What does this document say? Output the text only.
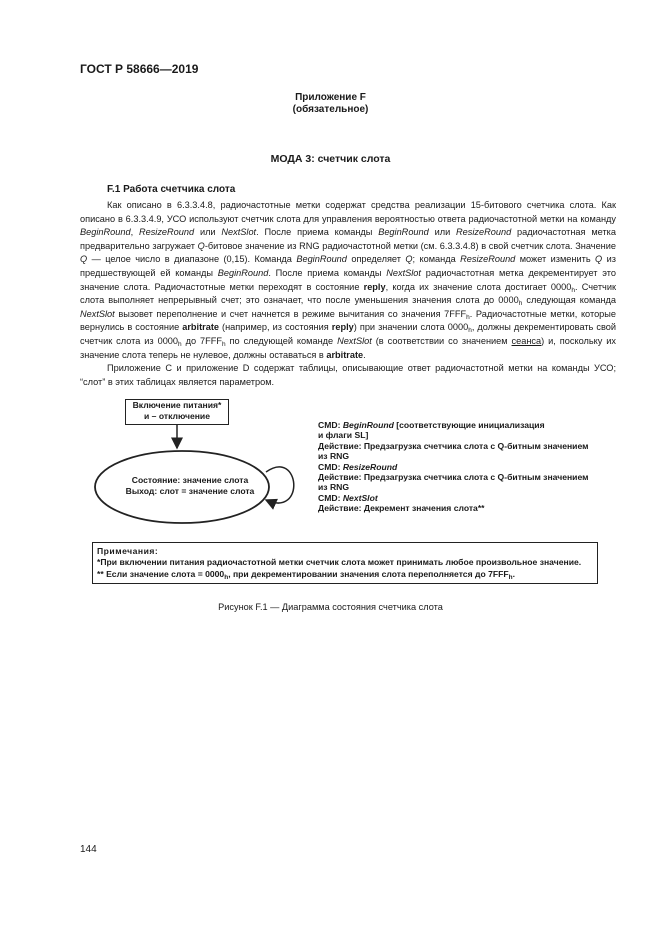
ГОСТ Р 58666—2019
Приложение F
(обязательное)
МОДА 3: счетчик слота
F.1 Работа счетчика слота
Как описано в 6.3.3.4.8, радиочастотные метки содержат средства реализации 15-битового счетчика слота. Как описано в 6.3.3.4.9, УСО используют счетчик слота для управления вероятностью ответа радиочастотной метки на команду BeginRound, ResizeRound или NextSlot. После приема команды BeginRound или ResizeRound радиочастотная метка предварительно загружает Q-битовое значение из RNG радиочастотной метки (см. 6.3.3.4.8) в свой счетчик слота. Значение Q — целое число в диапазоне (0,15). Команда BeginRound определяет Q; команда ResizeRound может изменить Q из предшествующей ей команды BeginRound. После приема команды NextSlot радиочастотная метка декрементирует это значение слота. Радиочастотные метки переходят в состояние reply, когда их значение слота достигает $0000_h$. Счетчик слота выполняет непрерывный счет; это означает, что после уменьшения значения слота до $0000_h$ следующая команда NextSlot вызовет переполнение и счет начнется в режиме вычитания со значения $7FFF_h$. Радиочастотные метки, которые вернулись в состояние arbitrate (например, из состояния reply) при значении слота $0000_h$, должны декрементировать свой счетчик слота из $0000_h$ до $7FFF_h$ по следующей команде NextSlot (в соответствии со значением сеанса) и, поскольку их значение слота теперь не нулевое, должны оставаться в arbitrate.
Приложение C и приложение D содержат таблицы, описывающие ответ радиочастотной метки на команды УСО; “слот” в этих таблицах является параметром.
Включение питания*
и – отключение
Состояние: значение слота
Выход: слот = значение слота
CMD: BeginRound [соответствующие инициализация
и флаги SL]
Действие: Предзагрузка счетчика слота с Q-битным значением
из RNG
CMD: ResizeRound
Действие: Предзагрузка счетчика слота с Q-битным значением
из RNG
CMD: NextSlot
Действие: Декремент значения слота**
Примечания:
*При включении питания радиочастотной метки счетчик слота может принимать любое произвольное значение.
** Если значение слота = $0000_h$, при декрементировании значения слота переполняется до $7FFF_h$.
Рисунок F.1 — Диаграмма состояния счетчика слота
144
